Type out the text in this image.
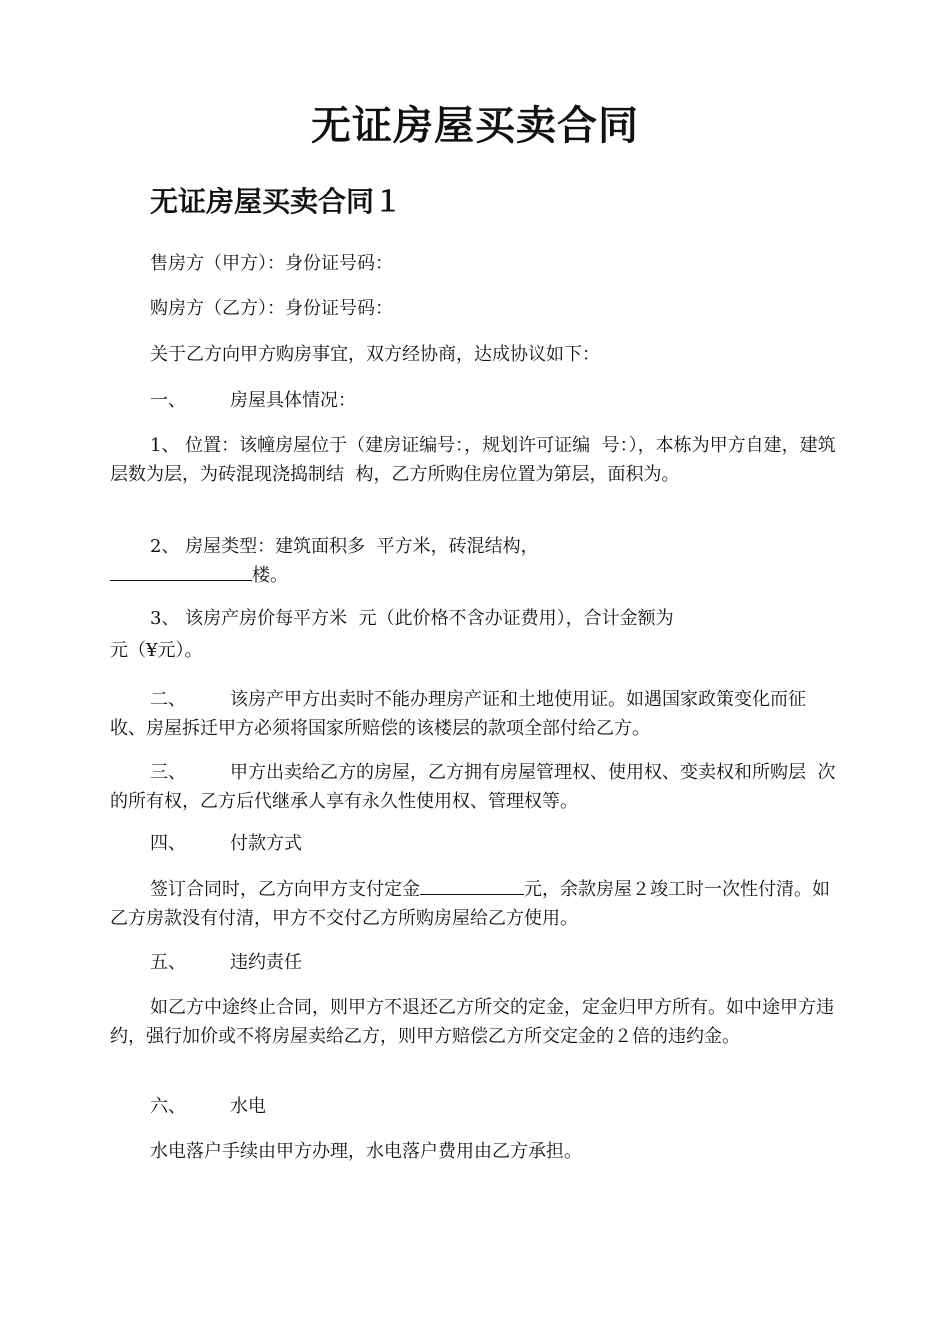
无证房屋买卖合同
无证房屋买卖合同１
售房方（甲方）：身份证号码：
购房方（乙方）：身份证号码：
关于乙方向甲方购房事宜，双方经协商，达成协议如下：
一、 房屋具体情况：
1、 位置：该幢房屋位于（建房证编号：，规划许可证编  号：），本栋为甲方自建，建筑层数为层，为砖混现浇捣制结  构，乙方所购住房位置为第层，面积为。
2、 房屋类型：建筑面积多  平方米，砖混结构，
楼。
3、 该房产房价每平方米  元（此价格不含办证费用），合计金额为
元（¥元）。
二、 该房产甲方出卖时不能办理房产证和土地使用证。如遇国家政策变化而征  收、房屋拆迁甲方必须将国家所赔偿的该楼层的款项全部付给乙方。
三、 甲方出卖给乙方的房屋，乙方拥有房屋管理权、使用权、变卖权和所购层  次的所有权，乙方后代继承人享有永久性使用权、管理权等。
四、 付款方式
签订合同时，乙方向甲方支付定金	元，余款房屋２竣工时一次性付清。如乙方房款没有付清，甲方不交付乙方所购房屋给乙方使用。
五、 违约责任
如乙方中途终止合同，则甲方不退还乙方所交的定金，定金归甲方所有。如中途甲方违约，强行加价或不将房屋卖给乙方，则甲方赔偿乙方所交定金的２倍的违约金。
六、 水电
水电落户手续由甲方办理，水电落户费用由乙方承担。
